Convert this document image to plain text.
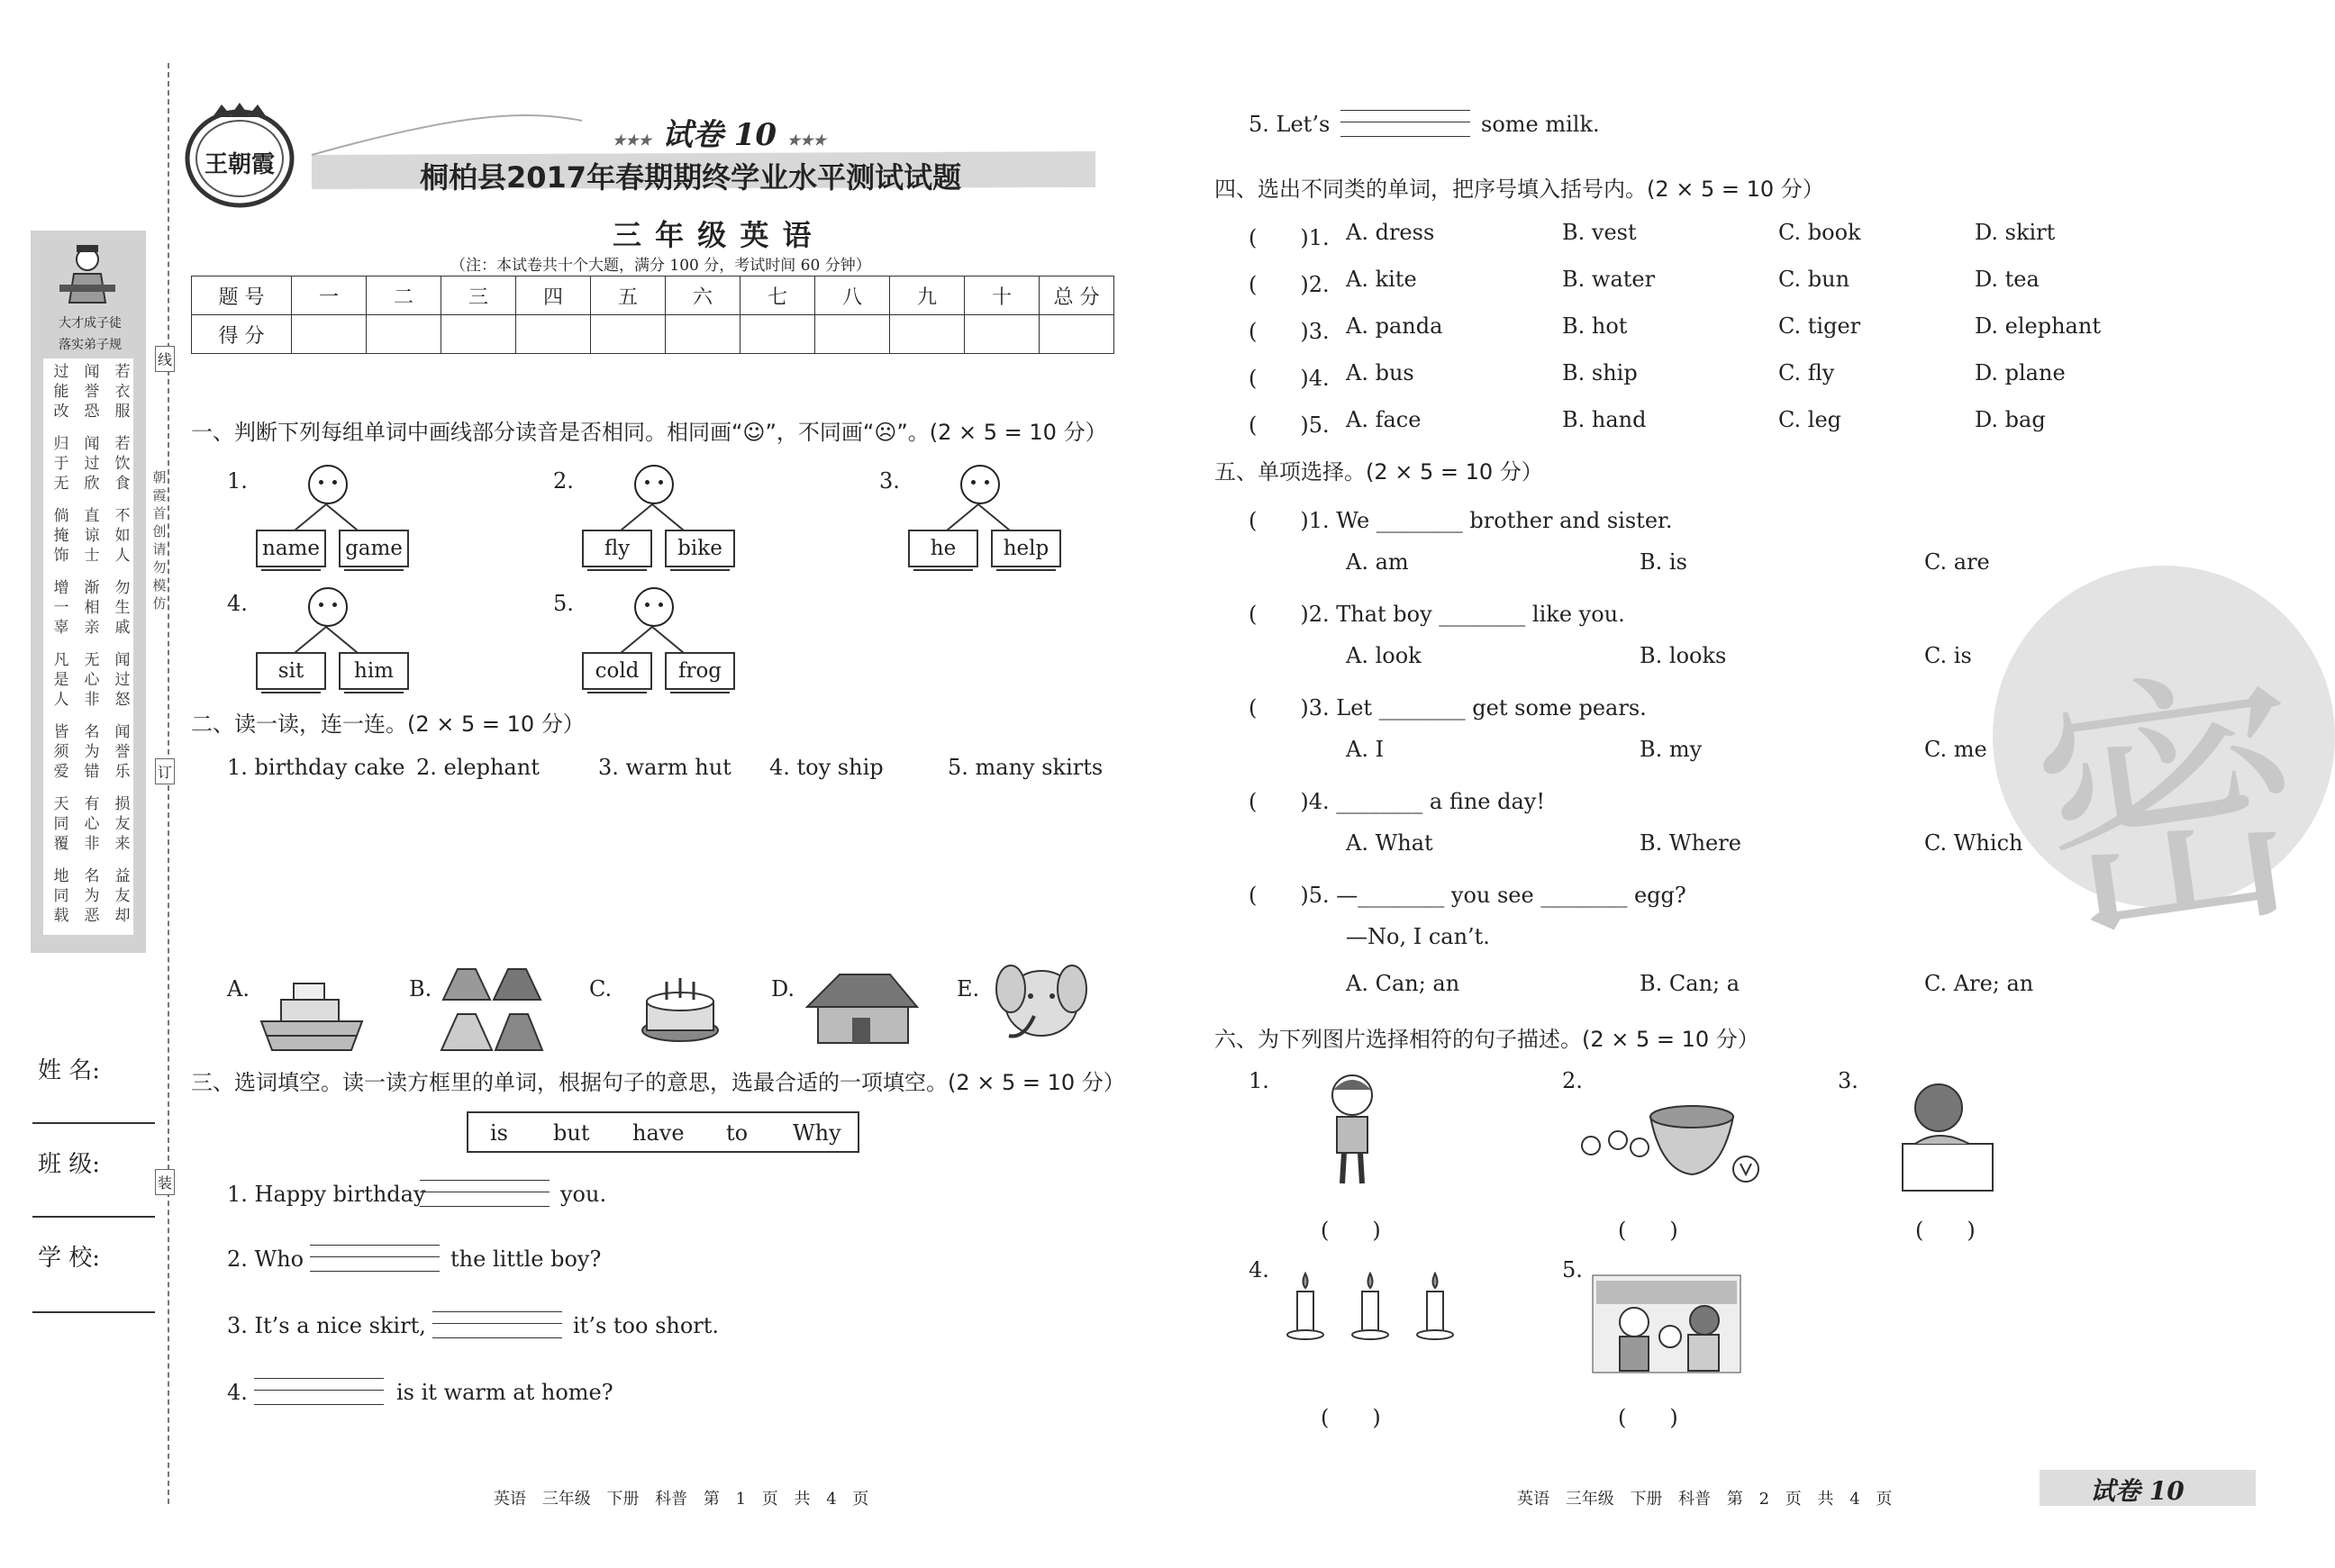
大才成子徒
落实弟子规
过
能
改
闻
誉
恐
若
衣
服
归
于
无
闻
过
欣
若
饮
食
倘
掩
饰
直
谅
士
不
如
人
增
一
辜
渐
相
亲
勿
生
戚
凡
是
人
无
心
非
闻
过
怒
皆
须
爱
名
为
错
闻
誉
乐
天
同
覆
有
心
非
损
友
来
地
同
载
名
为
恶
益
友
却
朝霞首创 请勿模仿
线
订
装
姓 名:
班 级:
学 校:
王朝霞
★★★ 试卷 10 ★★★
桐柏县2017年春期期终学业水平测试试题
三 年 级 英 语
（注：本试卷共十个大题，满分 100 分，考试时间 60 分钟）
题 号	一	二	三	四	五	六	七	八	九	十	总 分
得 分											
一、判断下列每组单词中画线部分读音是否相同。相同画“☺”，不同画“☹”。(2 × 5 = 10 分）
1.
name	game
2.
fly	bike
3.
he	help
4.
sit	him
5.
cold	frog
二、读一读，连一连。(2 × 5 = 10 分）
1. birthday cake 2. elephant	3. warm hut 4. toy ship	5. many skirts
A.	B.	C.	D.	E.
三、选词填空。读一读方框里的单词，根据句子的意思，选最合适的一项填空。(2 × 5 = 10 分）
is but have to Why
1. Happy birthday	you.
2. Who	the little boy?
3. It’s a nice skirt,	it’s too short.
4.	is it warm at home?
5. Let’s	some milk.
四、选出不同类的单词，把序号填入括号内。(2 × 5 = 10 分）
(　　)1. A. dress	B. vest	C. book	D. skirt
(　　)2. A. kite	B. water	C. bun	D. tea
(　　)3. A. panda	B. hot	C. tiger	D. elephant
(　　)4. A. bus	B. ship	C. fly	D. plane
(　　)5. A. face	B. hand	C. leg	D. bag
五、单项选择。(2 × 5 = 10 分）
(　　)1. We ________ brother and sister.
A. am	B. is	C. are
(　　)2. That boy ________ like you.
A. look	B. looks	C. is
(　　)3. Let ________ get some pears.
A. I	B. my	C. me
(　　)4. ________ a fine day!
A. What	B. Where	C. Which
(　　)5. —________ you see ________ egg?
—No, I can’t.
A. Can; an	B. Can; a	C. Are; an
六、为下列图片选择相符的句子描述。(2 × 5 = 10 分）
1.
(　　)
2.
(　　)
3.
(　　)
4.
(　　)
5.
(　　)
密
英语 三年级 下册 科普 第 1 页 共 4 页	英语 三年级 下册 科普 第 2 页 共 4 页	试卷 10
